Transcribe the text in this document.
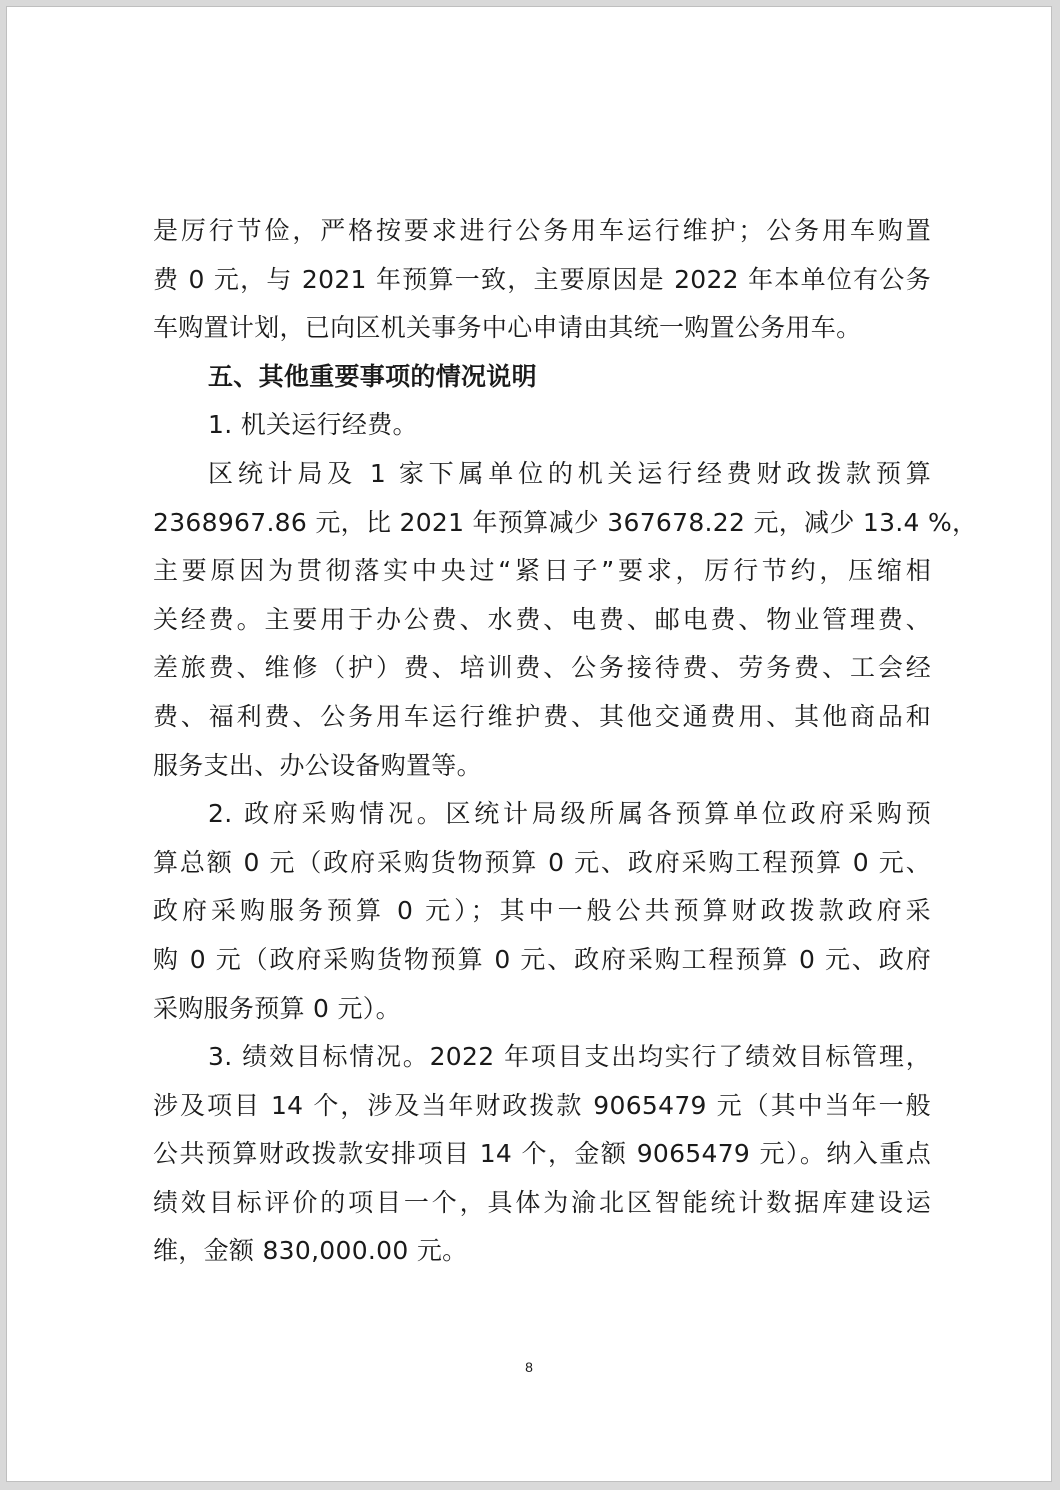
是厉行节俭，严格按要求进行公务用车运行维护；公务用车购置
费 0 元，与 2021 年预算一致，主要原因是 2022 年本单位有公务
车购置计划，已向区机关事务中心申请由其统一购置公务用车。
五、其他重要事项的情况说明
1. 机关运行经费。
区统计局及 1 家下属单位的机关运行经费财政拨款预算
2368967.86 元，比 2021 年预算减少 367678.22 元，减少 13.4 %，
主要原因为贯彻落实中央过“紧日子”要求，厉行节约，压缩相
关经费。主要用于办公费、水费、电费、邮电费、物业管理费、
差旅费、维修（护）费、培训费、公务接待费、劳务费、工会经
费、福利费、公务用车运行维护费、其他交通费用、其他商品和
服务支出、办公设备购置等。
2. 政府采购情况。区统计局级所属各预算单位政府采购预
算总额 0 元（政府采购货物预算 0 元、政府采购工程预算 0 元、
政府采购服务预算 0 元）；其中一般公共预算财政拨款政府采
购 0 元（政府采购货物预算 0 元、政府采购工程预算 0 元、政府
采购服务预算 0 元）。
3. 绩效目标情况。2022 年项目支出均实行了绩效目标管理，
涉及项目 14 个，涉及当年财政拨款 9065479 元（其中当年一般
公共预算财政拨款安排项目 14 个，金额 9065479 元）。纳入重点
绩效目标评价的项目一个，具体为渝北区智能统计数据库建设运
维，金额 830,000.00 元。
8
